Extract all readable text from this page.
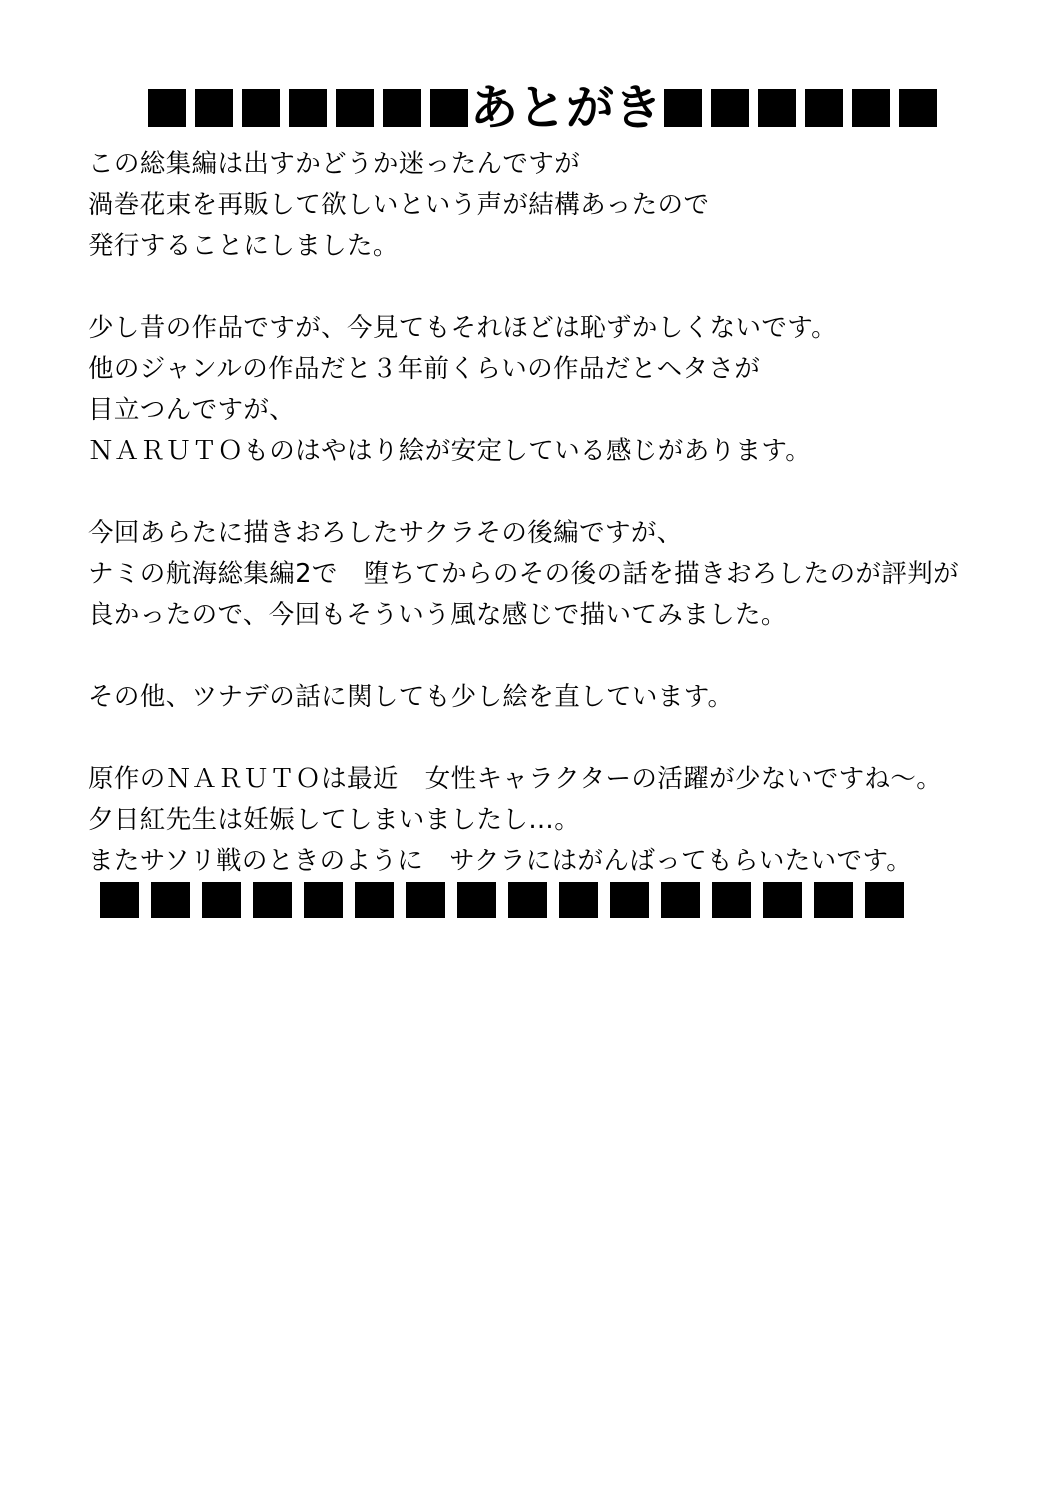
あとがき

この総集編は出すかどうか迷ったんですが
渦巻花束を再販して欲しいという声が結構あったので
発行することにしました。

少し昔の作品ですが、今見てもそれほどは恥ずかしくないです。
他のジャンルの作品だと３年前くらいの作品だとヘタさが
目立つんですが、
ＮＡＲＵＴＯものはやはり絵が安定している感じがあります。

今回あらたに描きおろしたサクラその後編ですが、
ナミの航海総集編2で　堕ちてからのその後の話を描きおろしたのが評判が
良かったので、今回もそういう風な感じで描いてみました。

その他、ツナデの話に関しても少し絵を直しています。

原作のＮＡＲＵＴＯは最近　女性キャラクターの活躍が少ないですね〜。
夕日紅先生は妊娠してしまいましたし…。
またサソリ戦のときのように　サクラにはがんばってもらいたいです。
